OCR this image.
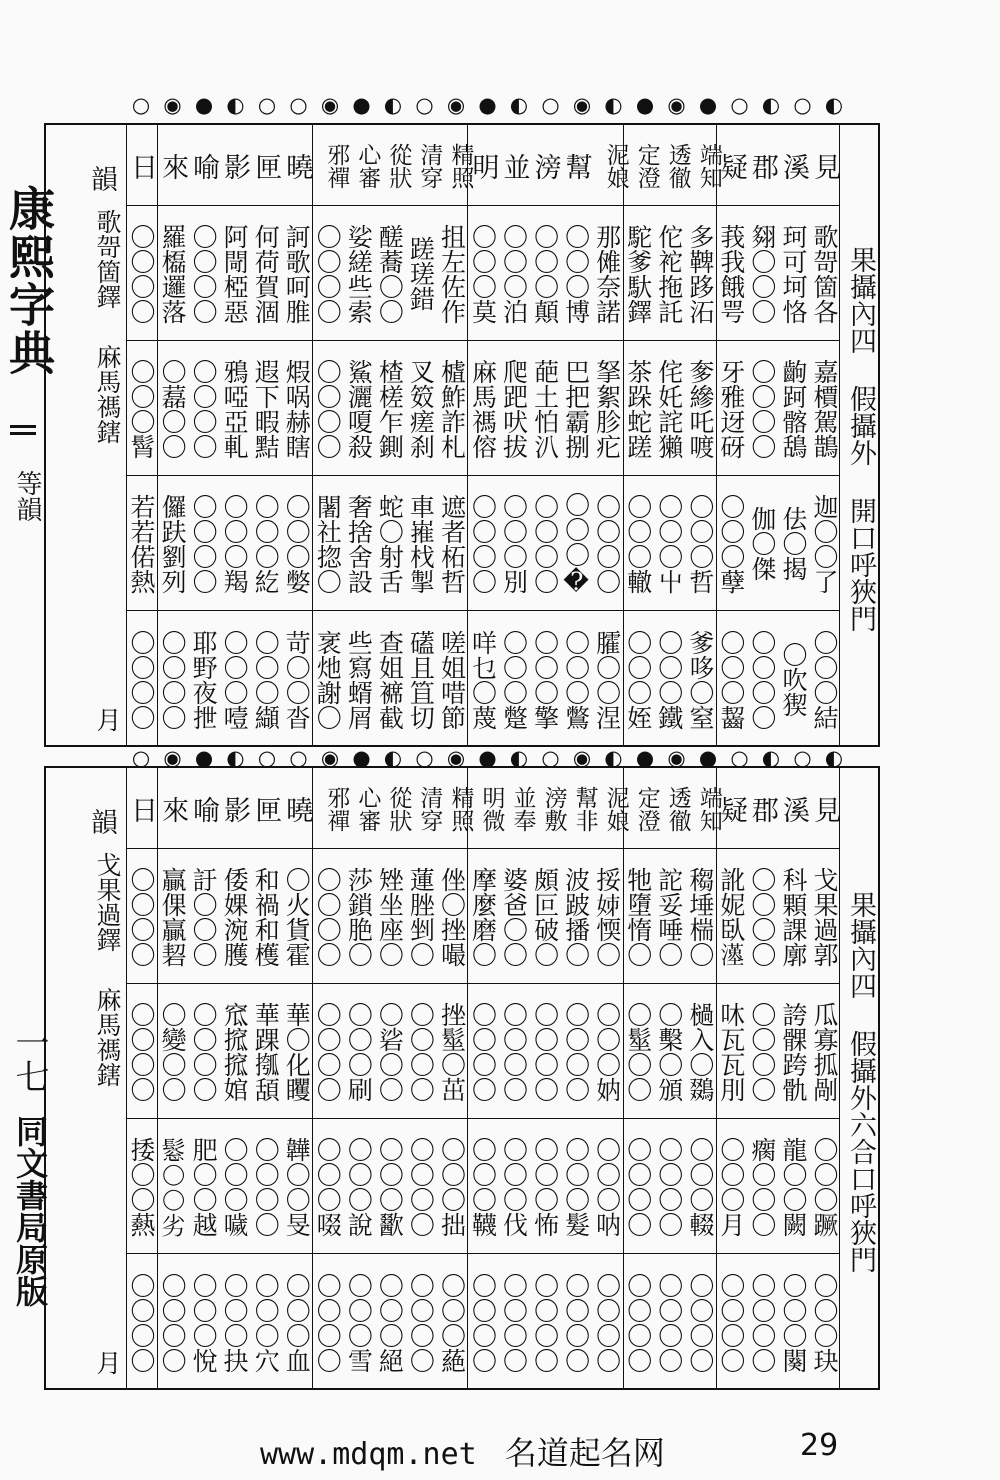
康熙字典
等韻
一七
同文書局原版
◐
○
◐
○
●
◉
●
◐
◉
○
◐
●
◉
○
◐
●
◉
○
○
◐
●
◉
○
◐
○
◐
○
●
◉
●
◐
◉
○
◐
●
◉
○
◐
●
◉
○
○
◐
●
◉
○
果攝內四 假攝外 開口呼狹門
見
歌哿箇各
嘉檟駕鵲
迦〇〇了
〇〇〇結
溪
珂可坷恪
齣跒髂鴰
佉〇揭
〇吹猰
郡
翗〇〇〇
〇〇〇〇
伽〇傑
〇〇〇〇
疑
莪我餓咢
牙雅迓砑
〇〇〇孽
〇〇〇齧
端知
多鞞跢沰
奓縿吒喥
〇〇〇哲
爹哆〇窒
透徹
佗袉拖託
侘奼詫獺
〇〇〇屮
〇〇〇鐵
定澄
駝爹馱鐸
茶跺蛇蹉
〇〇〇轍
〇〇〇姪
泥娘
那傩奈諾
拏絮胗疕
〇〇〇〇
臛〇〇涅
幫
〇〇〇博
巴把霸捌
〇〇〇�
〇〇〇鷩
滂
〇〇〇顛
葩土怕汃
〇〇〇〇
〇〇〇擎
並
〇〇〇泊
爬跁吠拔
〇〇〇別
〇〇〇蹩
明
〇〇〇莫
麻馬禡傛
〇〇〇〇
咩乜〇蔑
精照
抯左佐作
樝鮓詐札
遮者柘哲
嗟姐唶節
清穿
蹉瑳錯
叉笯瘥刹
車嶊𣏾掣
礚且笡切
從狀
醝蕎〇〇
楂槎乍鍘
蛇〇射舌
查姐褯截
心審
娑縒些索
鯊灑嗄殺
奢捨舍設
些寫蝑屑
邪禪
〇〇〇〇
〇〇〇〇
闍社㧾〇
衺灺謝〇
曉
訶歌呵脽
煆㖞赫瞎
〇〇〇嫳
苛〇〇沓
匣
何荷賀涸
遐下暇黠
〇〇〇紇
〇〇〇纈
影
阿閜椏惡
鴉啞亞軋
〇〇〇羯
〇〇〇噎
喻
〇〇〇〇
〇〇〇〇
〇〇〇〇
耶野夜抴
來
羅㰁邏落
〇藞〇〇
儸趺劉列
〇〇〇〇
日
〇〇〇〇
〇〇〇髾
若若偌熱
〇〇〇〇
韻
歌哿箇鐸
麻馬禡鎋
月
果攝內四 假攝外六合口呼狹門
見
戈果過郭
瓜寡㧓剮
〇〇〇蹶
〇〇〇玦
溪
科顆課廓
誇髁跨骩
龍〇〇闕
〇〇〇闋
郡
〇〇〇〇
〇〇〇〇
瘸〇〇〇
〇〇〇〇
疑
訛妮臥𤁉
㕲瓦瓦刖
〇〇〇月
〇〇〇〇
端知
䅳埵椯〇
檛入〇鵽
〇〇〇輟
〇〇〇〇
透徹
詑妥唾〇
〇檕〇頒
〇〇〇〇
〇〇〇〇
定澄
牠墮惰〇
〇髽〇〇
〇〇〇〇
〇〇〇〇
泥娘
挼𡛷愞〇
〇〇〇妠
〇〇〇呐
〇〇〇〇
幫非
波跛播〇
〇〇〇〇
〇〇〇髮
〇〇〇〇
滂敷
頗叵破〇
〇〇〇〇
〇〇〇怖
〇〇〇〇
並奉
婆爸〇〇
〇〇〇〇
〇〇〇伐
〇〇〇〇
明微
摩麼磨〇
〇〇〇〇
〇〇〇韈
〇〇〇〇
精照
侳〇挫嘬
挫髽〇茁
〇〇〇拙
〇〇〇蕝
清穿
蓮脞剉〇
〇〇〇〇
〇〇〇〇
〇〇〇〇
從狀
矬坐座〇
〇硰〇〇
〇〇〇歠
〇〇〇絕
心審
莎鎖脃〇
〇〇〇刷
〇〇〇說
〇〇〇雪
邪禪
〇〇〇〇
〇〇〇〇
〇〇〇啜
〇〇〇〇
曉
〇火貨霍
華〇化䂄
韡〇〇旻
〇〇〇血
匣
和禍和檴
華踝摦頢
〇〇〇〇
〇〇〇穴
影
倭婐涴臒
窊搲搲婠
〇〇〇噦
〇〇〇抉
喻
訏〇〇〇
〇〇〇〇
肥〇〇越
〇〇〇悅
來
贏倮贏䂮
〇變〇〇
𩭤〇〇劣
〇〇〇〇
日
〇〇〇〇
〇〇〇〇
捼〇〇爇
〇〇〇〇
韻
戈果過鐸
麻馬禡鎋
月
www.mdqm.net 名道起名网	29
